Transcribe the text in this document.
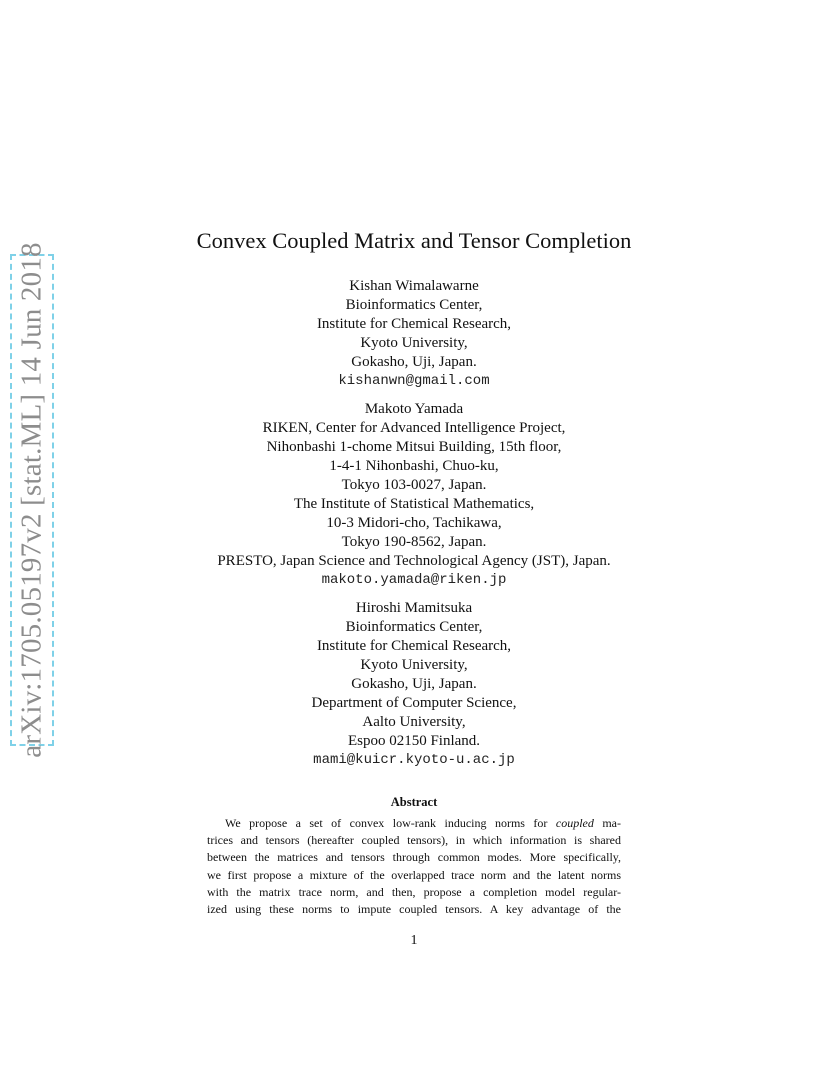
arXiv:1705.05197v2 [stat.ML] 14 Jun 2018
Convex Coupled Matrix and Tensor Completion
Kishan Wimalawarne
Bioinformatics Center,
Institute for Chemical Research,
Kyoto University,
Gokasho, Uji, Japan.
kishanwn@gmail.com
Makoto Yamada
RIKEN, Center for Advanced Intelligence Project,
Nihonbashi 1-chome Mitsui Building, 15th floor,
1-4-1 Nihonbashi, Chuo-ku,
Tokyo 103-0027, Japan.
The Institute of Statistical Mathematics,
10-3 Midori-cho, Tachikawa,
Tokyo 190-8562, Japan.
PRESTO, Japan Science and Technological Agency (JST), Japan.
makoto.yamada@riken.jp
Hiroshi Mamitsuka
Bioinformatics Center,
Institute for Chemical Research,
Kyoto University,
Gokasho, Uji, Japan.
Department of Computer Science,
Aalto University,
Espoo 02150 Finland.
mami@kuicr.kyoto-u.ac.jp
Abstract
We propose a set of convex low-rank inducing norms for coupled ma-
trices and tensors (hereafter coupled tensors), in which information is shared
between the matrices and tensors through common modes. More specifically,
we first propose a mixture of the overlapped trace norm and the latent norms
with the matrix trace norm, and then, propose a completion model regular-
ized using these norms to impute coupled tensors. A key advantage of the
1
